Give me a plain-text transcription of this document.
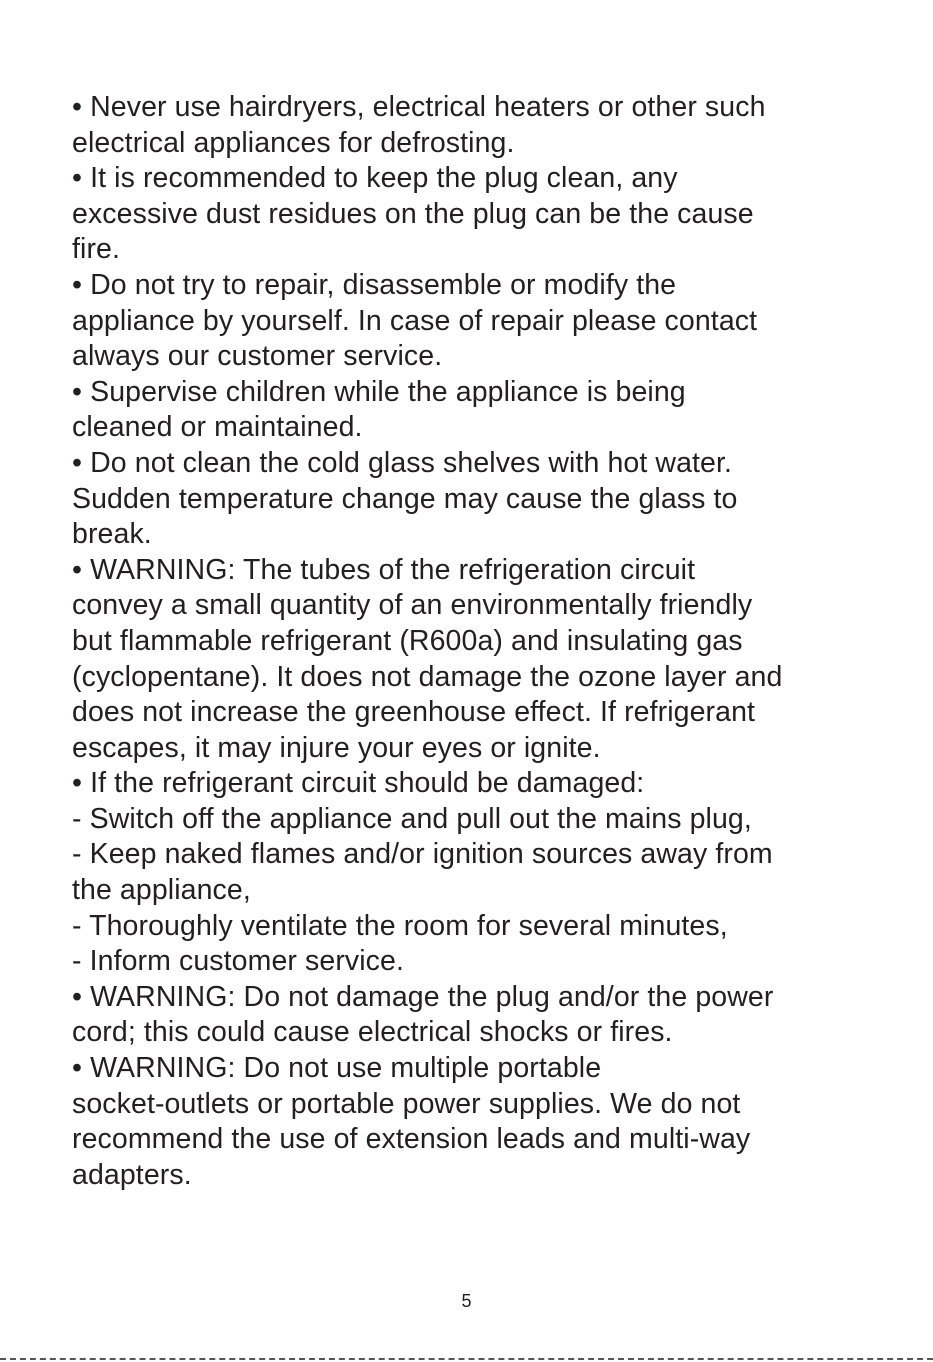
• Never use hairdryers, electrical heaters or other such
electrical appliances for defrosting.
• It is recommended to keep the plug clean, any
excessive dust residues on the plug can be the cause
fire.
• Do not try to repair, disassemble or modify the
appliance by yourself. In case of repair please contact
always our customer service.
• Supervise children while the appliance is being
cleaned or maintained.
• Do not clean the cold glass shelves with hot water.
Sudden temperature change may cause the glass to
break.
• WARNING: The tubes of the refrigeration circuit
convey a small quantity of an environmentally friendly
but flammable refrigerant (R600a) and insulating gas
(cyclopentane). It does not damage the ozone layer and
does not increase the greenhouse effect. If refrigerant
escapes, it may injure your eyes or ignite.
• If the refrigerant circuit should be damaged:
- Switch off the appliance and pull out the mains plug,
- Keep naked flames and/or ignition sources away from
the appliance,
- Thoroughly ventilate the room for several minutes,
- Inform customer service.
• WARNING: Do not damage the plug and/or the power
cord; this could cause electrical shocks or fires.
• WARNING: Do not use multiple portable
socket-outlets or portable power supplies. We do not
recommend the use of extension leads and multi-way
adapters.
5
